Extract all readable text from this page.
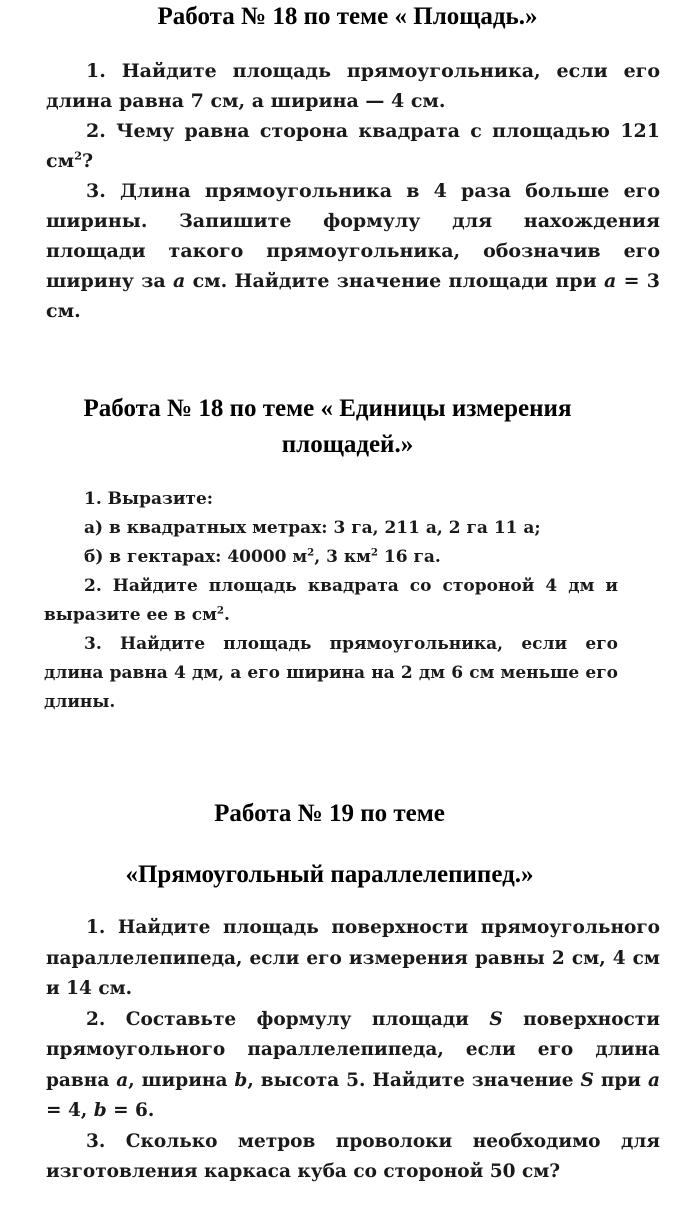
Работа № 18 по теме « Площадь.»

1. Найдите площадь прямоугольника, если его длина равна 7 см, а ширина — 4 см.

2. Чему равна сторона квадрата с площадью 121 $см^2$?

3. Длина прямоугольника в 4 раза больше его ширины. Запишите формулу для нахождения площади такого прямоугольника, обозначив его ширину за a см. Найдите значение площади при a = 3 см.

Работа № 18 по теме « Единицы измерения
площадей.»

1. Выразите:

а) в квадратных метрах: 3 га, 211 а, 2 га 11 а;

б) в гектарах: 40000 $м^2$, 3 $км^2$ 16 га.

2. Найдите площадь квадрата со стороной 4 дм и выразите ее в $см^2$.

3. Найдите площадь прямоугольника, если его длина равна 4 дм, а его ширина на 2 дм 6 см меньше его длины.

Работа № 19 по теме
«Прямоугольный параллелепипед.»

1. Найдите площадь поверхности прямоугольного параллелепипеда, если его измерения равны 2 см, 4 см и 14 см.

2. Составьте формулу площади S поверхности прямоугольного параллелепипеда, если его длина равна a, ширина b, высота 5. Найдите значение S при a = 4, b = 6.

3. Сколько метров проволоки необходимо для изготовления каркаса куба со стороной 50 см?
